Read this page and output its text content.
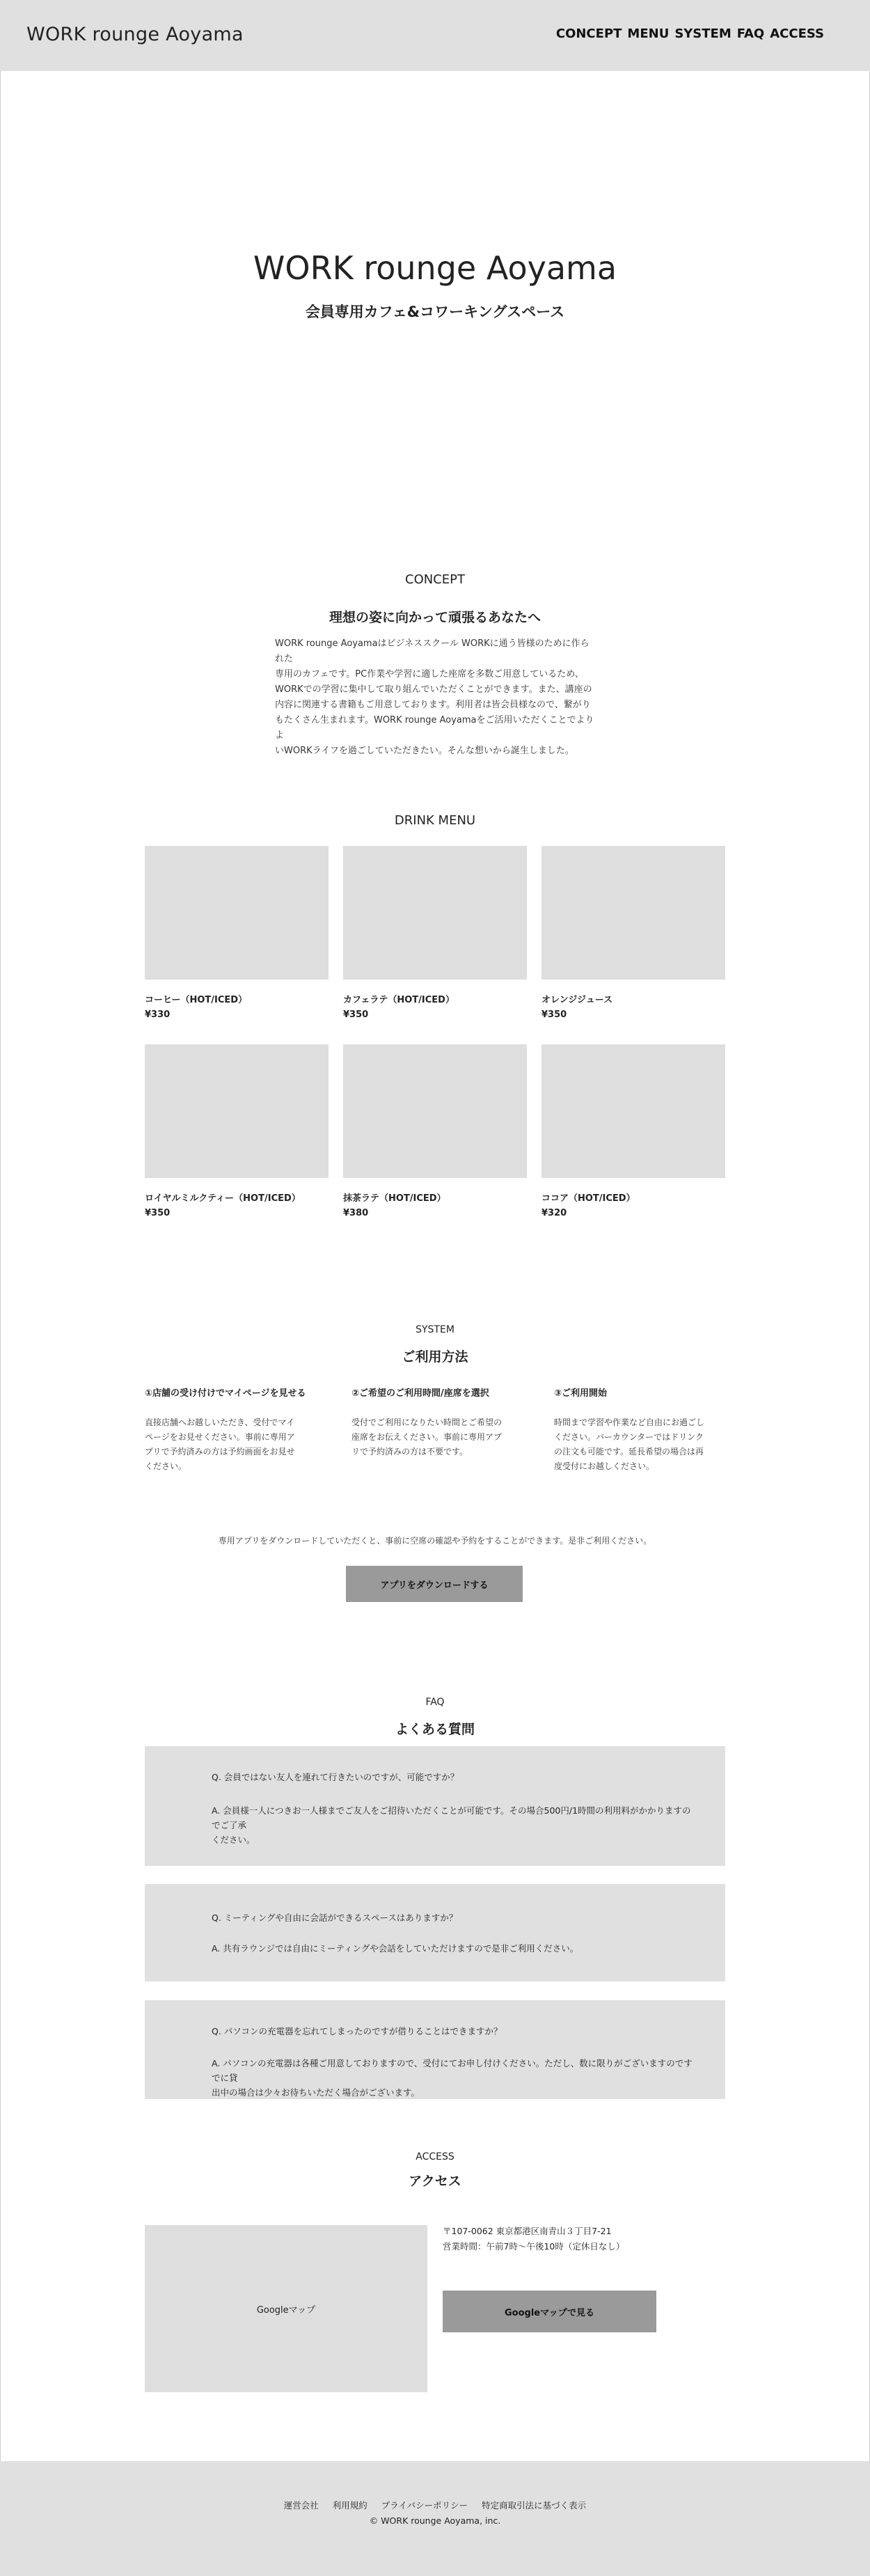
WORK rounge Aoyama	CONCEPT MENU SYSTEM FAQ ACCESS
WORK rounge Aoyama
会員専用カフェ&コワーキングスペース
CONCEPT
理想の姿に向かって頑張るあなたへ
WORK rounge Aoyamaはビジネススクール WORKに通う皆様のために作られた
専用のカフェです。PC作業や学習に適した座席を多数ご用意しているため、
WORKでの学習に集中して取り組んでいただくことができます。また、講座の
内容に関連する書籍もご用意しております。利用者は皆会員様なので、繋がり
もたくさん生まれます。WORK rounge Aoyamaをご活用いただくことでよりよ
いWORKライフを過ごしていただきたい。そんな想いから誕生しました。
DRINK MENU
コーヒー（HOT/ICED）
¥330
カフェラテ（HOT/ICED）
¥350
オレンジジュース
¥350
ロイヤルミルクティー（HOT/ICED）
¥350
抹茶ラテ（HOT/ICED）
¥380
ココア（HOT/ICED）
¥320
SYSTEM
ご利用方法
①店舗の受け付けでマイページを見せる
直接店舗へお越しいただき、受付でマイ
ページをお見せください。事前に専用ア
プリで予約済みの方は予約画面をお見せ
ください。
②ご希望のご利用時間/座席を選択
受付でご利用になりたい時間とご希望の
座席をお伝えください。事前に専用アプ
リで予約済みの方は不要です。
③ご利用開始
時間まで学習や作業など自由にお過ごし
ください。バーカウンターではドリンク
の注文も可能です。延長希望の場合は再
度受付にお越しください。
専用アプリをダウンロードしていただくと、事前に空席の確認や予約をすることができます。是非ご利用ください。
アプリをダウンロードする
FAQ
よくある質問
Q. 会員ではない友人を連れて行きたいのですが、可能ですか？
A. 会員様一人につきお一人様までご友人をご招待いただくことが可能です。その場合500円/1時間の利用料がかかりますのでご了承
ください。
Q. ミーティングや自由に会話ができるスペースはありますか？
A. 共有ラウンジでは自由にミーティングや会話をしていただけますので是非ご利用ください。
Q. パソコンの充電器を忘れてしまったのですが借りることはできますか？
A. パソコンの充電器は各種ご用意しておりますので、受付にてお申し付けください。ただし、数に限りがございますのですでに貸
出中の場合は少々お待ちいただく場合がございます。
ACCESS
アクセス
Googleマップ
〒107-0062 東京都港区南青山３丁目7-21
営業時間：午前7時〜午後10時（定休日なし）
Googleマップで見る
運営会社 利用規約 プライバシーポリシー 特定商取引法に基づく表示
© WORK rounge Aoyama, inc.
